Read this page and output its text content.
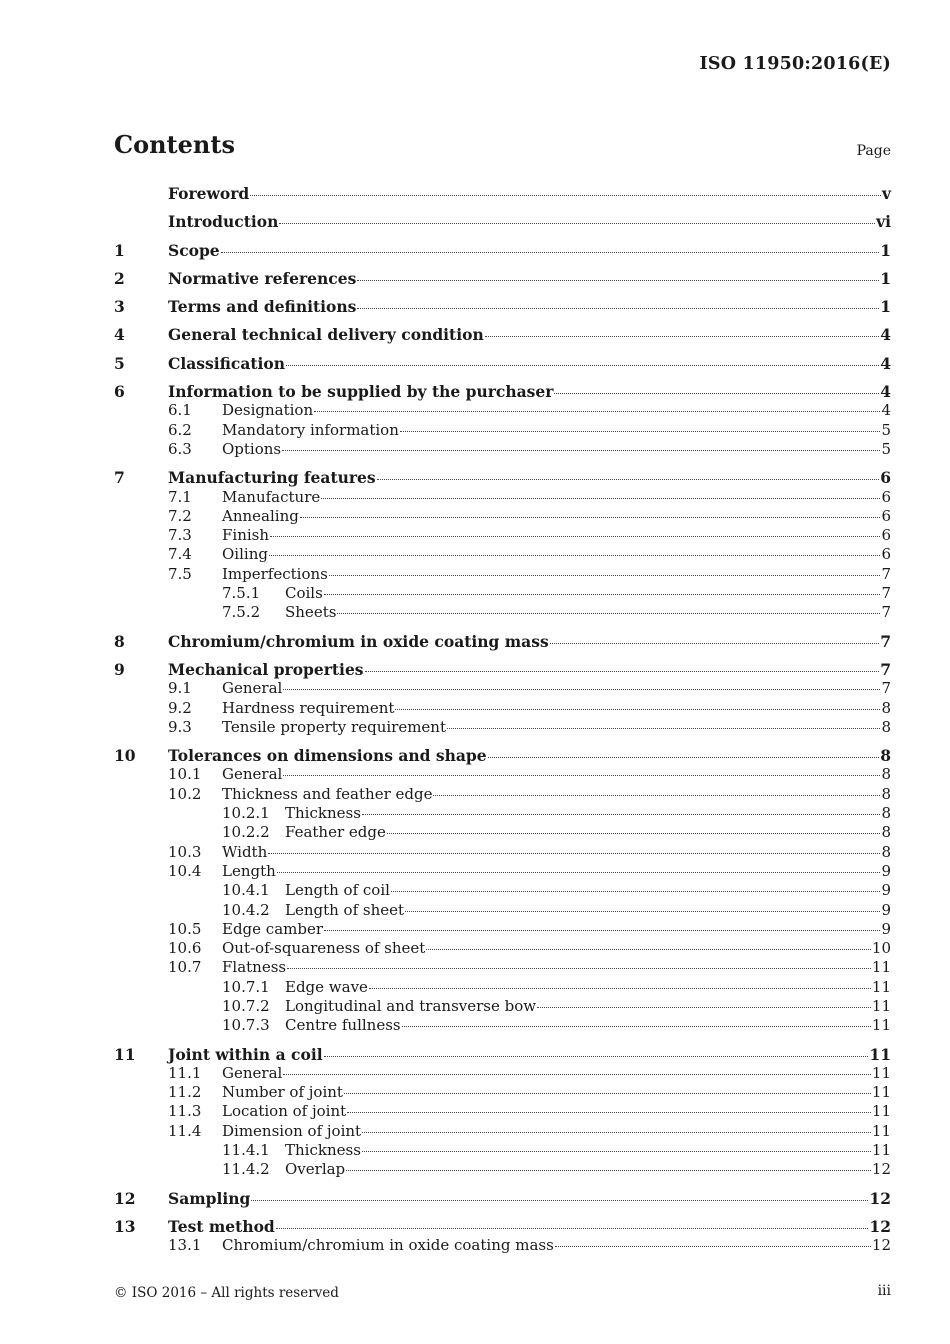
ISO 11950:2016(E)
Contents	Page
Foreword	v
Introduction	vi
1	Scope	1
2	Normative references	1
3	Terms and definitions	1
4	General technical delivery condition	4
5	Classification	4
6	Information to be supplied by the purchaser	4
6.1	Designation	4
6.2	Mandatory information	5
6.3	Options	5
7	Manufacturing features	6
7.1	Manufacture	6
7.2	Annealing	6
7.3	Finish	6
7.4	Oiling	6
7.5	Imperfections	7
7.5.1	Coils	7
7.5.2	Sheets	7
8	Chromium/chromium in oxide coating mass	7
9	Mechanical properties	7
9.1	General	7
9.2	Hardness requirement	8
9.3	Tensile property requirement	8
10	Tolerances on dimensions and shape	8
10.1	General	8
10.2	Thickness and feather edge	8
10.2.1	Thickness	8
10.2.2	Feather edge	8
10.3	Width	8
10.4	Length	9
10.4.1	Length of coil	9
10.4.2	Length of sheet	9
10.5	Edge camber	9
10.6	Out-of-squareness of sheet	10
10.7	Flatness	11
10.7.1	Edge wave	11
10.7.2	Longitudinal and transverse bow	11
10.7.3	Centre fullness	11
11	Joint within a coil	11
11.1	General	11
11.2	Number of joint	11
11.3	Location of joint	11
11.4	Dimension of joint	11
11.4.1	Thickness	11
11.4.2	Overlap	12
12	Sampling	12
13	Test method	12
13.1	Chromium/chromium in oxide coating mass	12
© ISO 2016 – All rights reserved	iii
